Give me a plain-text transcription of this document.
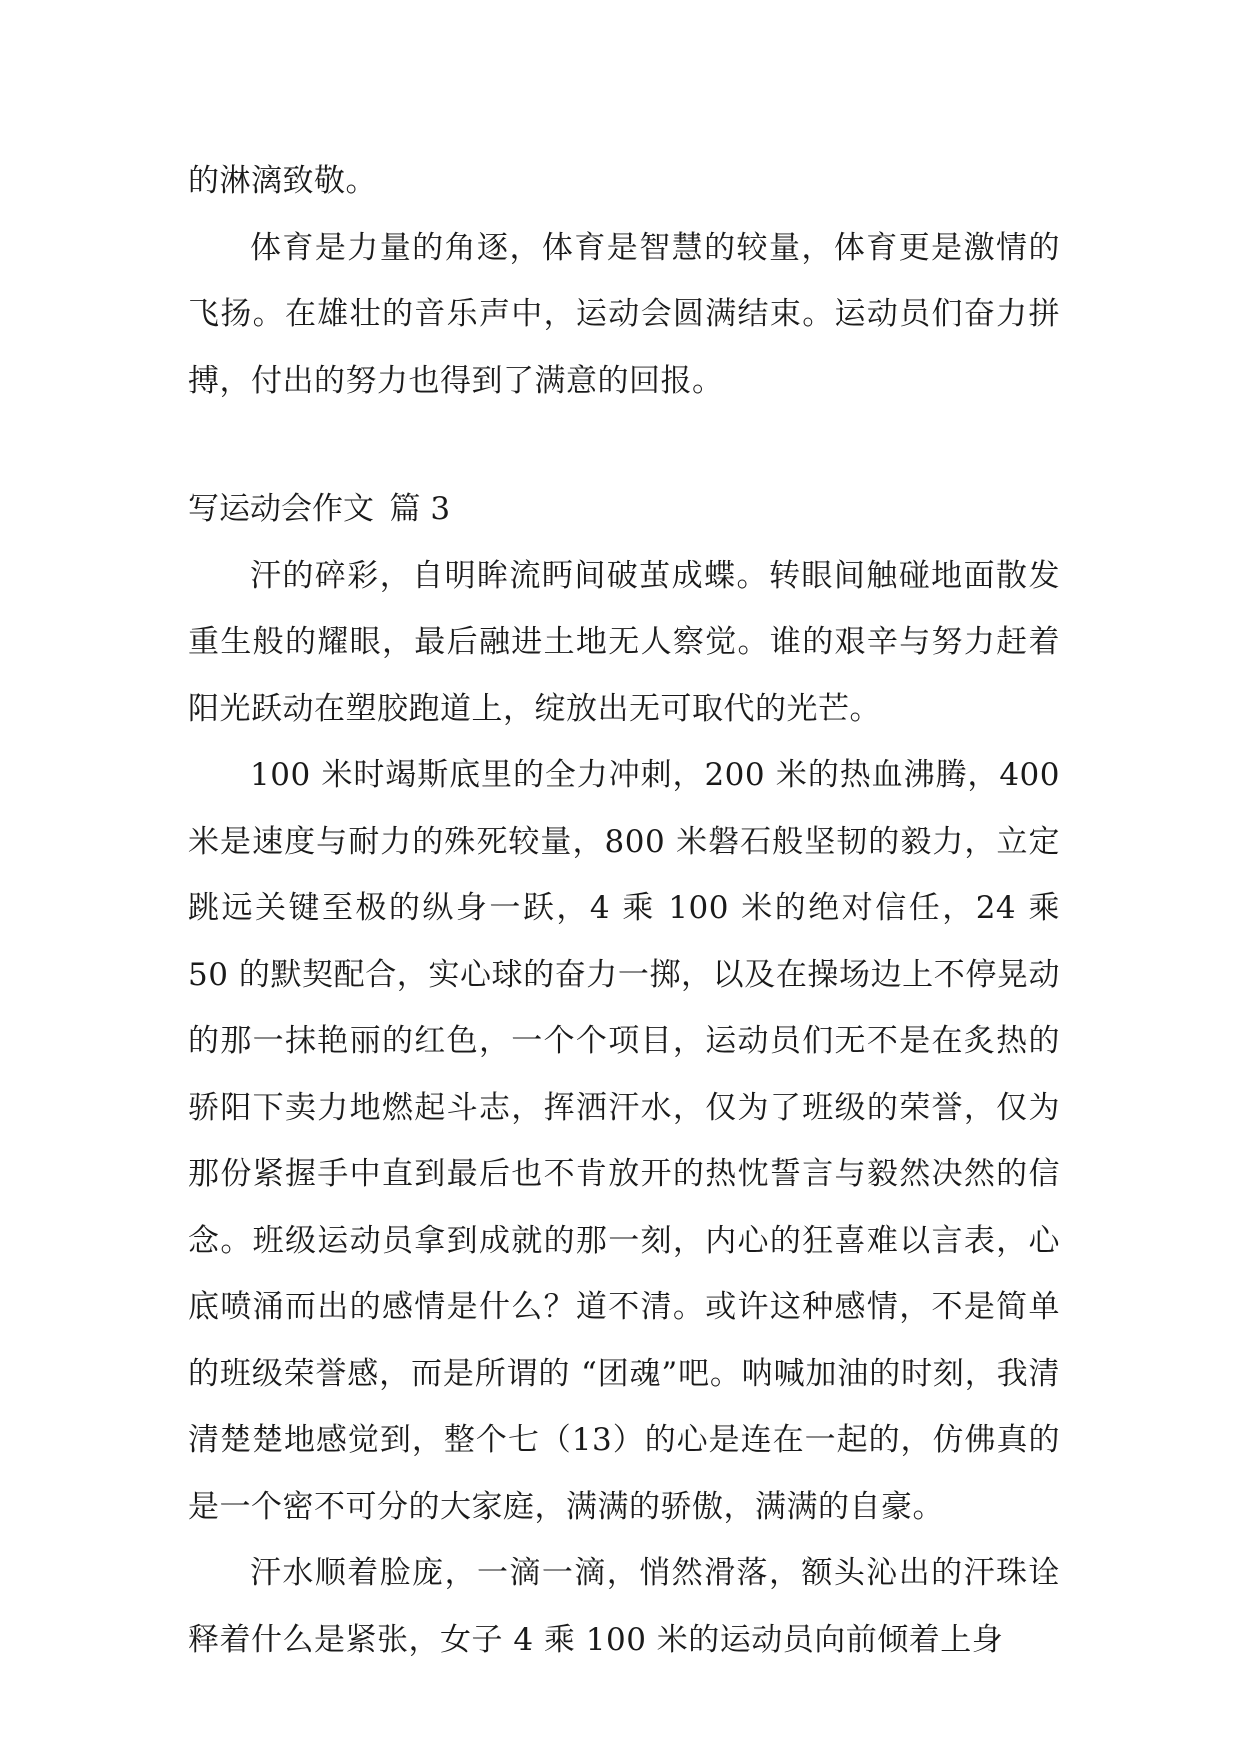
的淋漓致敬。

体育是力量的角逐，体育是智慧的较量，体育更是激情的飞扬。在雄壮的音乐声中，运动会圆满结束。运动员们奋力拼搏，付出的努力也得到了满意的回报。

写运动会作文 篇 3

汗的碎彩，自明眸流眄间破茧成蝶。转眼间触碰地面散发重生般的耀眼，最后融进土地无人察觉。谁的艰辛与努力赶着阳光跃动在塑胶跑道上，绽放出无可取代的光芒。

100 米时竭斯底里的全力冲刺，200 米的热血沸腾，400 米是速度与耐力的殊死较量，800 米磐石般坚韧的毅力，立定跳远关键至极的纵身一跃，4 乘 100 米的绝对信任，24 乘 50 的默契配合，实心球的奋力一掷，以及在操场边上不停晃动的那一抹艳丽的红色，一个个项目，运动员们无不是在炙热的骄阳下卖力地燃起斗志，挥洒汗水，仅为了班级的荣誉，仅为那份紧握手中直到最后也不肯放开的热忱誓言与毅然决然的信念。班级运动员拿到成就的那一刻，内心的狂喜难以言表，心底喷涌而出的感情是什么？道不清。或许这种感情，不是简单的班级荣誉感，而是所谓的 “团魂”吧。呐喊加油的时刻，我清清楚楚地感觉到，整个七（13）的心是连在一起的，仿佛真的是一个密不可分的大家庭，满满的骄傲，满满的自豪。

汗水顺着脸庞，一滴一滴，悄然滑落，额头沁出的汗珠诠释着什么是紧张，女子 4 乘 100 米的运动员向前倾着上身
